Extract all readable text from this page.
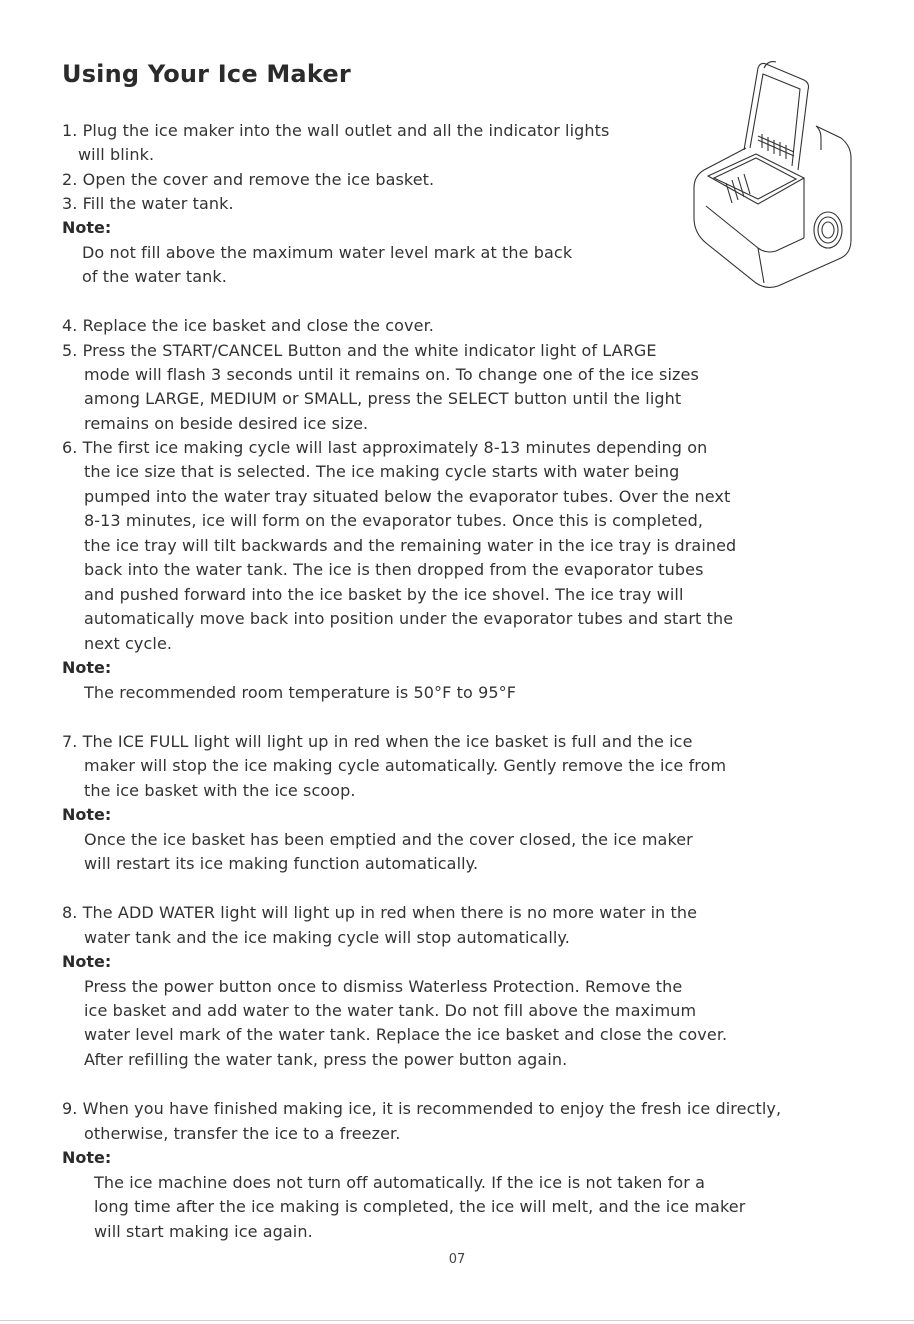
Using Your Ice Maker
1. Plug the ice maker into the wall outlet and all the indicator lights
will blink.
2. Open the cover and remove the ice basket.
3. Fill the water tank.
Note:
Do not fill above the maximum water level mark at the back
of the water tank.
4. Replace the ice basket and close the cover.
5. Press the START/CANCEL Button and the white indicator light of LARGE
mode will flash 3 seconds until it remains on. To change one of the ice sizes
among LARGE, MEDIUM or SMALL, press the SELECT button until the light
remains on beside desired ice size.
6. The first ice making cycle will last approximately 8-13 minutes depending on
the ice size that is selected. The ice making cycle starts with water being
pumped into the water tray situated below the evaporator tubes. Over the next
8-13 minutes, ice will form on the evaporator tubes. Once this is completed,
the ice tray will tilt backwards and the remaining water in the ice tray is drained
back into the water tank. The ice is then dropped from the evaporator tubes
and pushed forward into the ice basket by the ice shovel. The ice tray will
automatically move back into position under the evaporator tubes and start the
next cycle.
Note:
The recommended room temperature is 50°F to 95°F
7. The ICE FULL light will light up in red when the ice basket is full and the ice
maker will stop the ice making cycle automatically. Gently remove the ice from
the ice basket with the ice scoop.
Note:
Once the ice basket has been emptied and the cover closed, the ice maker
will restart its ice making function automatically.
8. The ADD WATER light will light up in red when there is no more water in the
water tank and the ice making cycle will stop automatically.
Note:
Press the power button once to dismiss Waterless Protection. Remove the
ice basket and add water to the water tank. Do not fill above the maximum
water level mark of the water tank. Replace the ice basket and close the cover.
After refilling the water tank, press the power button again.
9. When you have finished making ice, it is recommended to enjoy the fresh ice directly,
otherwise, transfer the ice to a freezer.
Note:
The ice machine does not turn off automatically. If the ice is not taken for a
long time after the ice making is completed, the ice will melt, and the ice maker
will start making ice again.
07
